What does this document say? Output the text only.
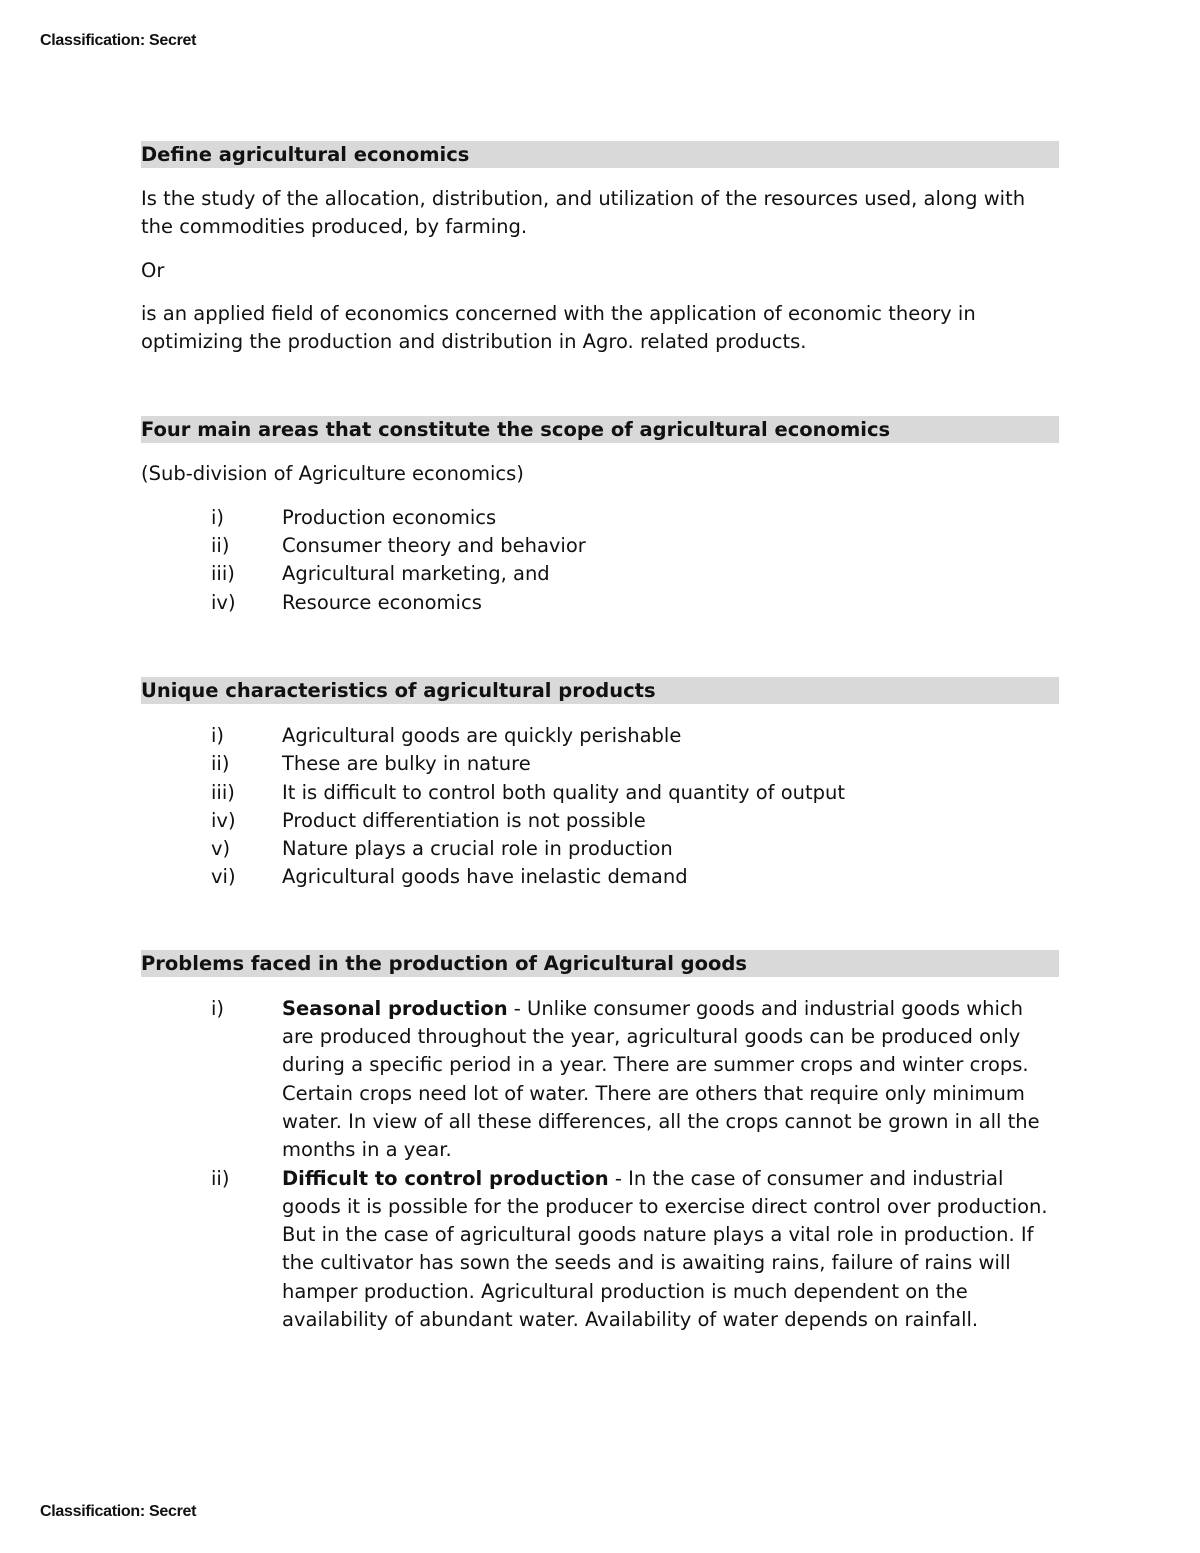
Classification: Secret
Define agricultural economics

Is the study of the allocation, distribution, and utilization of the resources used, along with the commodities produced, by farming.

Or

is an applied field of economics concerned with the application of economic theory in optimizing the production and distribution in Agro. related products.

Four main areas that constitute the scope of agricultural economics

(Sub-division of Agriculture economics)

i)	Production economics
ii)	Consumer theory and behavior
iii)	Agricultural marketing, and
iv)	Resource economics
Unique characteristics of agricultural products
i)	Agricultural goods are quickly perishable
ii)	These are bulky in nature
iii)	It is difficult to control both quality and quantity of output
iv)	Product differentiation is not possible
v)	Nature plays a crucial role in production
vi)	Agricultural goods have inelastic demand
Problems faced in the production of Agricultural goods
i)	Seasonal production - Unlike consumer goods and industrial goods which are produced throughout the year, agricultural goods can be produced only during a specific period in a year. There are summer crops and winter crops. Certain crops need lot of water. There are others that require only minimum water. In view of all these differences, all the crops cannot be grown in all the months in a year.
ii)	Difficult to control production - In the case of consumer and industrial goods it is possible for the producer to exercise direct control over production. But in the case of agricultural goods nature plays a vital role in production. If the cultivator has sown the seeds and is awaiting rains, failure of rains will hamper production. Agricultural production is much dependent on the availability of abundant water. Availability of water depends on rainfall.
Classification: Secret
